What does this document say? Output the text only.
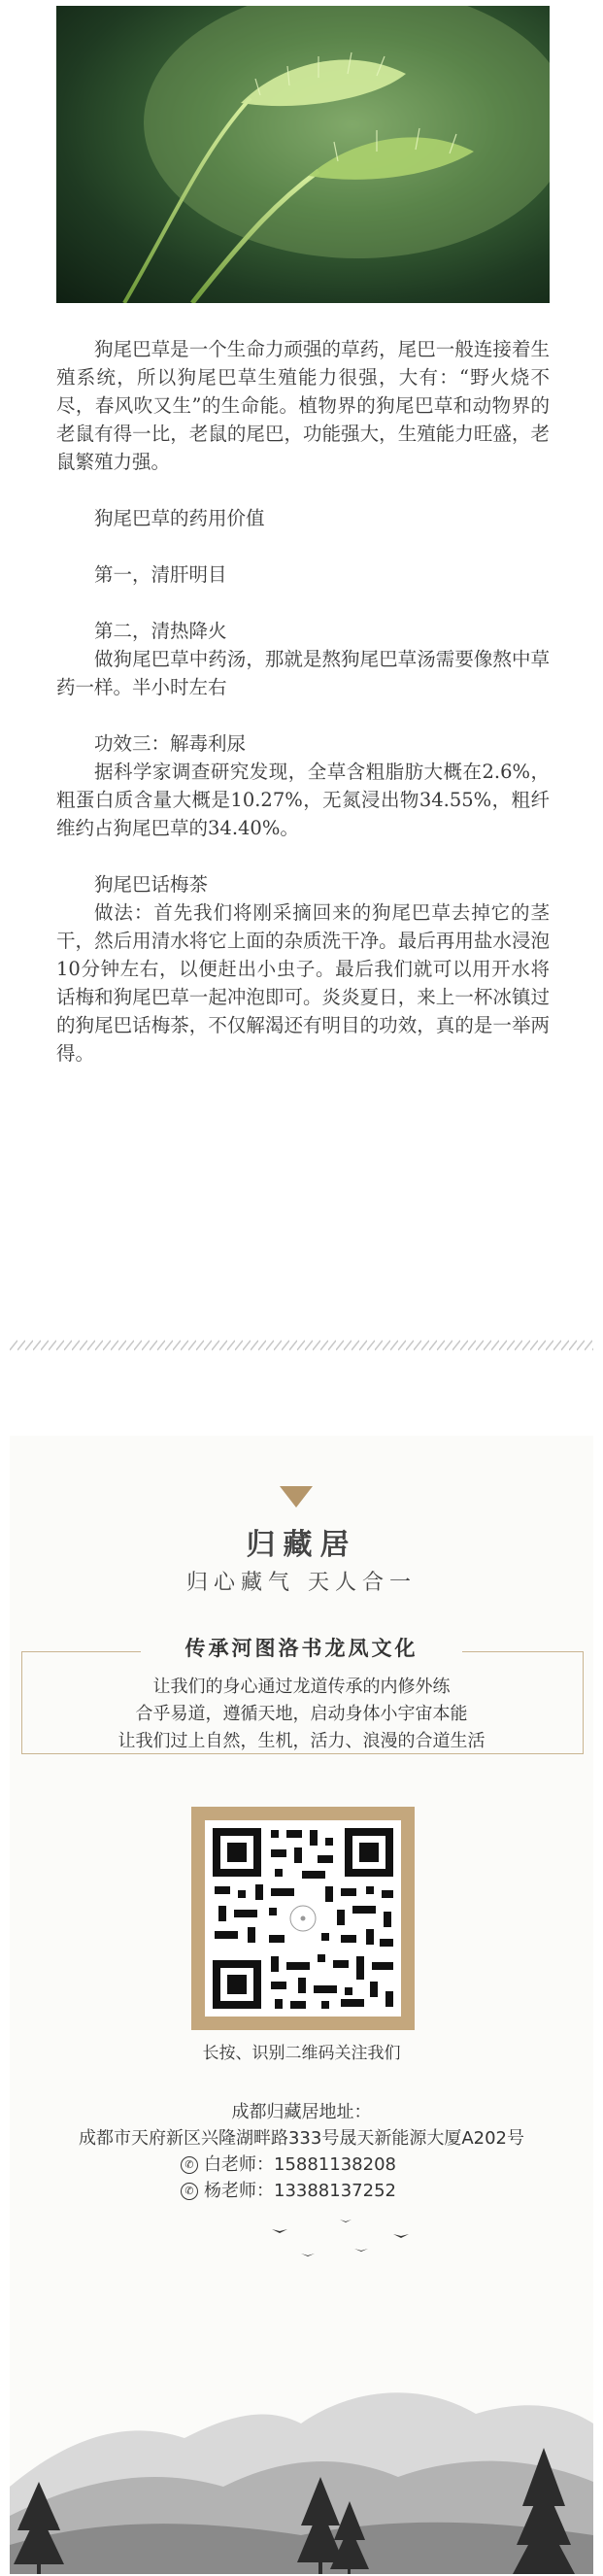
狗尾巴草是一个生命力顽强的草药，尾巴一般连接着生殖系统，所以狗尾巴草生殖能力很强，大有：“野火烧不尽，春风吹又生”的生命能。植物界的狗尾巴草和动物界的老鼠有得一比，老鼠的尾巴，功能强大，生殖能力旺盛，老鼠繁殖力强。

狗尾巴草的药用价值

第一，清肝明目

第二，清热降火

做狗尾巴草中药汤，那就是熬狗尾巴草汤需要像熬中草药一样。半小时左右

功效三：解毒利尿

据科学家调查研究发现，全草含粗脂肪大概在2.6%，粗蛋白质含量大概是10.27%，无氮浸出物34.55%，粗纤维约占狗尾巴草的34.40%。

狗尾巴话梅茶

做法：首先我们将刚采摘回来的狗尾巴草去掉它的茎干，然后用清水将它上面的杂质洗干净。最后再用盐水浸泡10分钟左右，以便赶出小虫子。最后我们就可以用开水将话梅和狗尾巴草一起冲泡即可。炎炎夏日，来上一杯冰镇过的狗尾巴话梅茶，不仅解渴还有明目的功效，真的是一举两得。

归藏居
归心藏气 天人合一
传承河图洛书龙凤文化
让我们的身心通过龙道传承的内修外练
合乎易道，遵循天地，启动身体小宇宙本能
让我们过上自然，生机，活力、浪漫的合道生活
长按、识别二维码关注我们
成都归藏居地址：
成都市天府新区兴隆湖畔路333号晟天新能源大厦A202号
✆ 白老师：15881138208
✆ 杨老师：13388137252
